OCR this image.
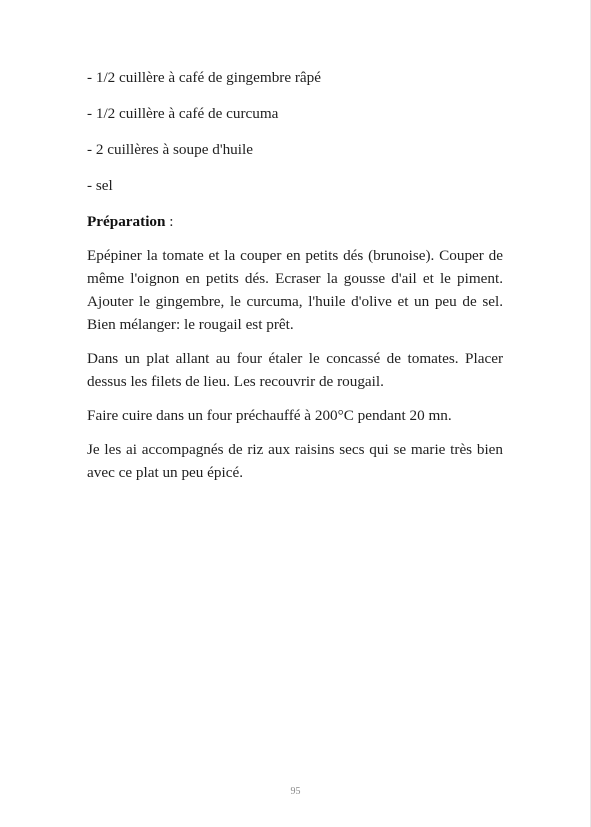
- 1/2 cuillère à café de gingembre râpé

- 1/2 cuillère à café de curcuma

- 2 cuillères à soupe d'huile

- sel

Préparation :

Epépiner la tomate et la couper en petits dés (brunoise). Couper de même l'oignon en petits dés. Ecraser la gousse d'ail et le piment. Ajouter le gingembre, le curcuma, l'huile d'olive et un peu de sel. Bien mélanger: le rougail est prêt.

Dans un plat allant au four étaler le concassé de tomates. Placer dessus les filets de lieu. Les recouvrir de rougail.

Faire cuire dans un four préchauffé à 200°C pendant 20 mn.

Je les ai accompagnés de riz aux raisins secs qui se marie très bien avec ce plat un peu épicé.

95
